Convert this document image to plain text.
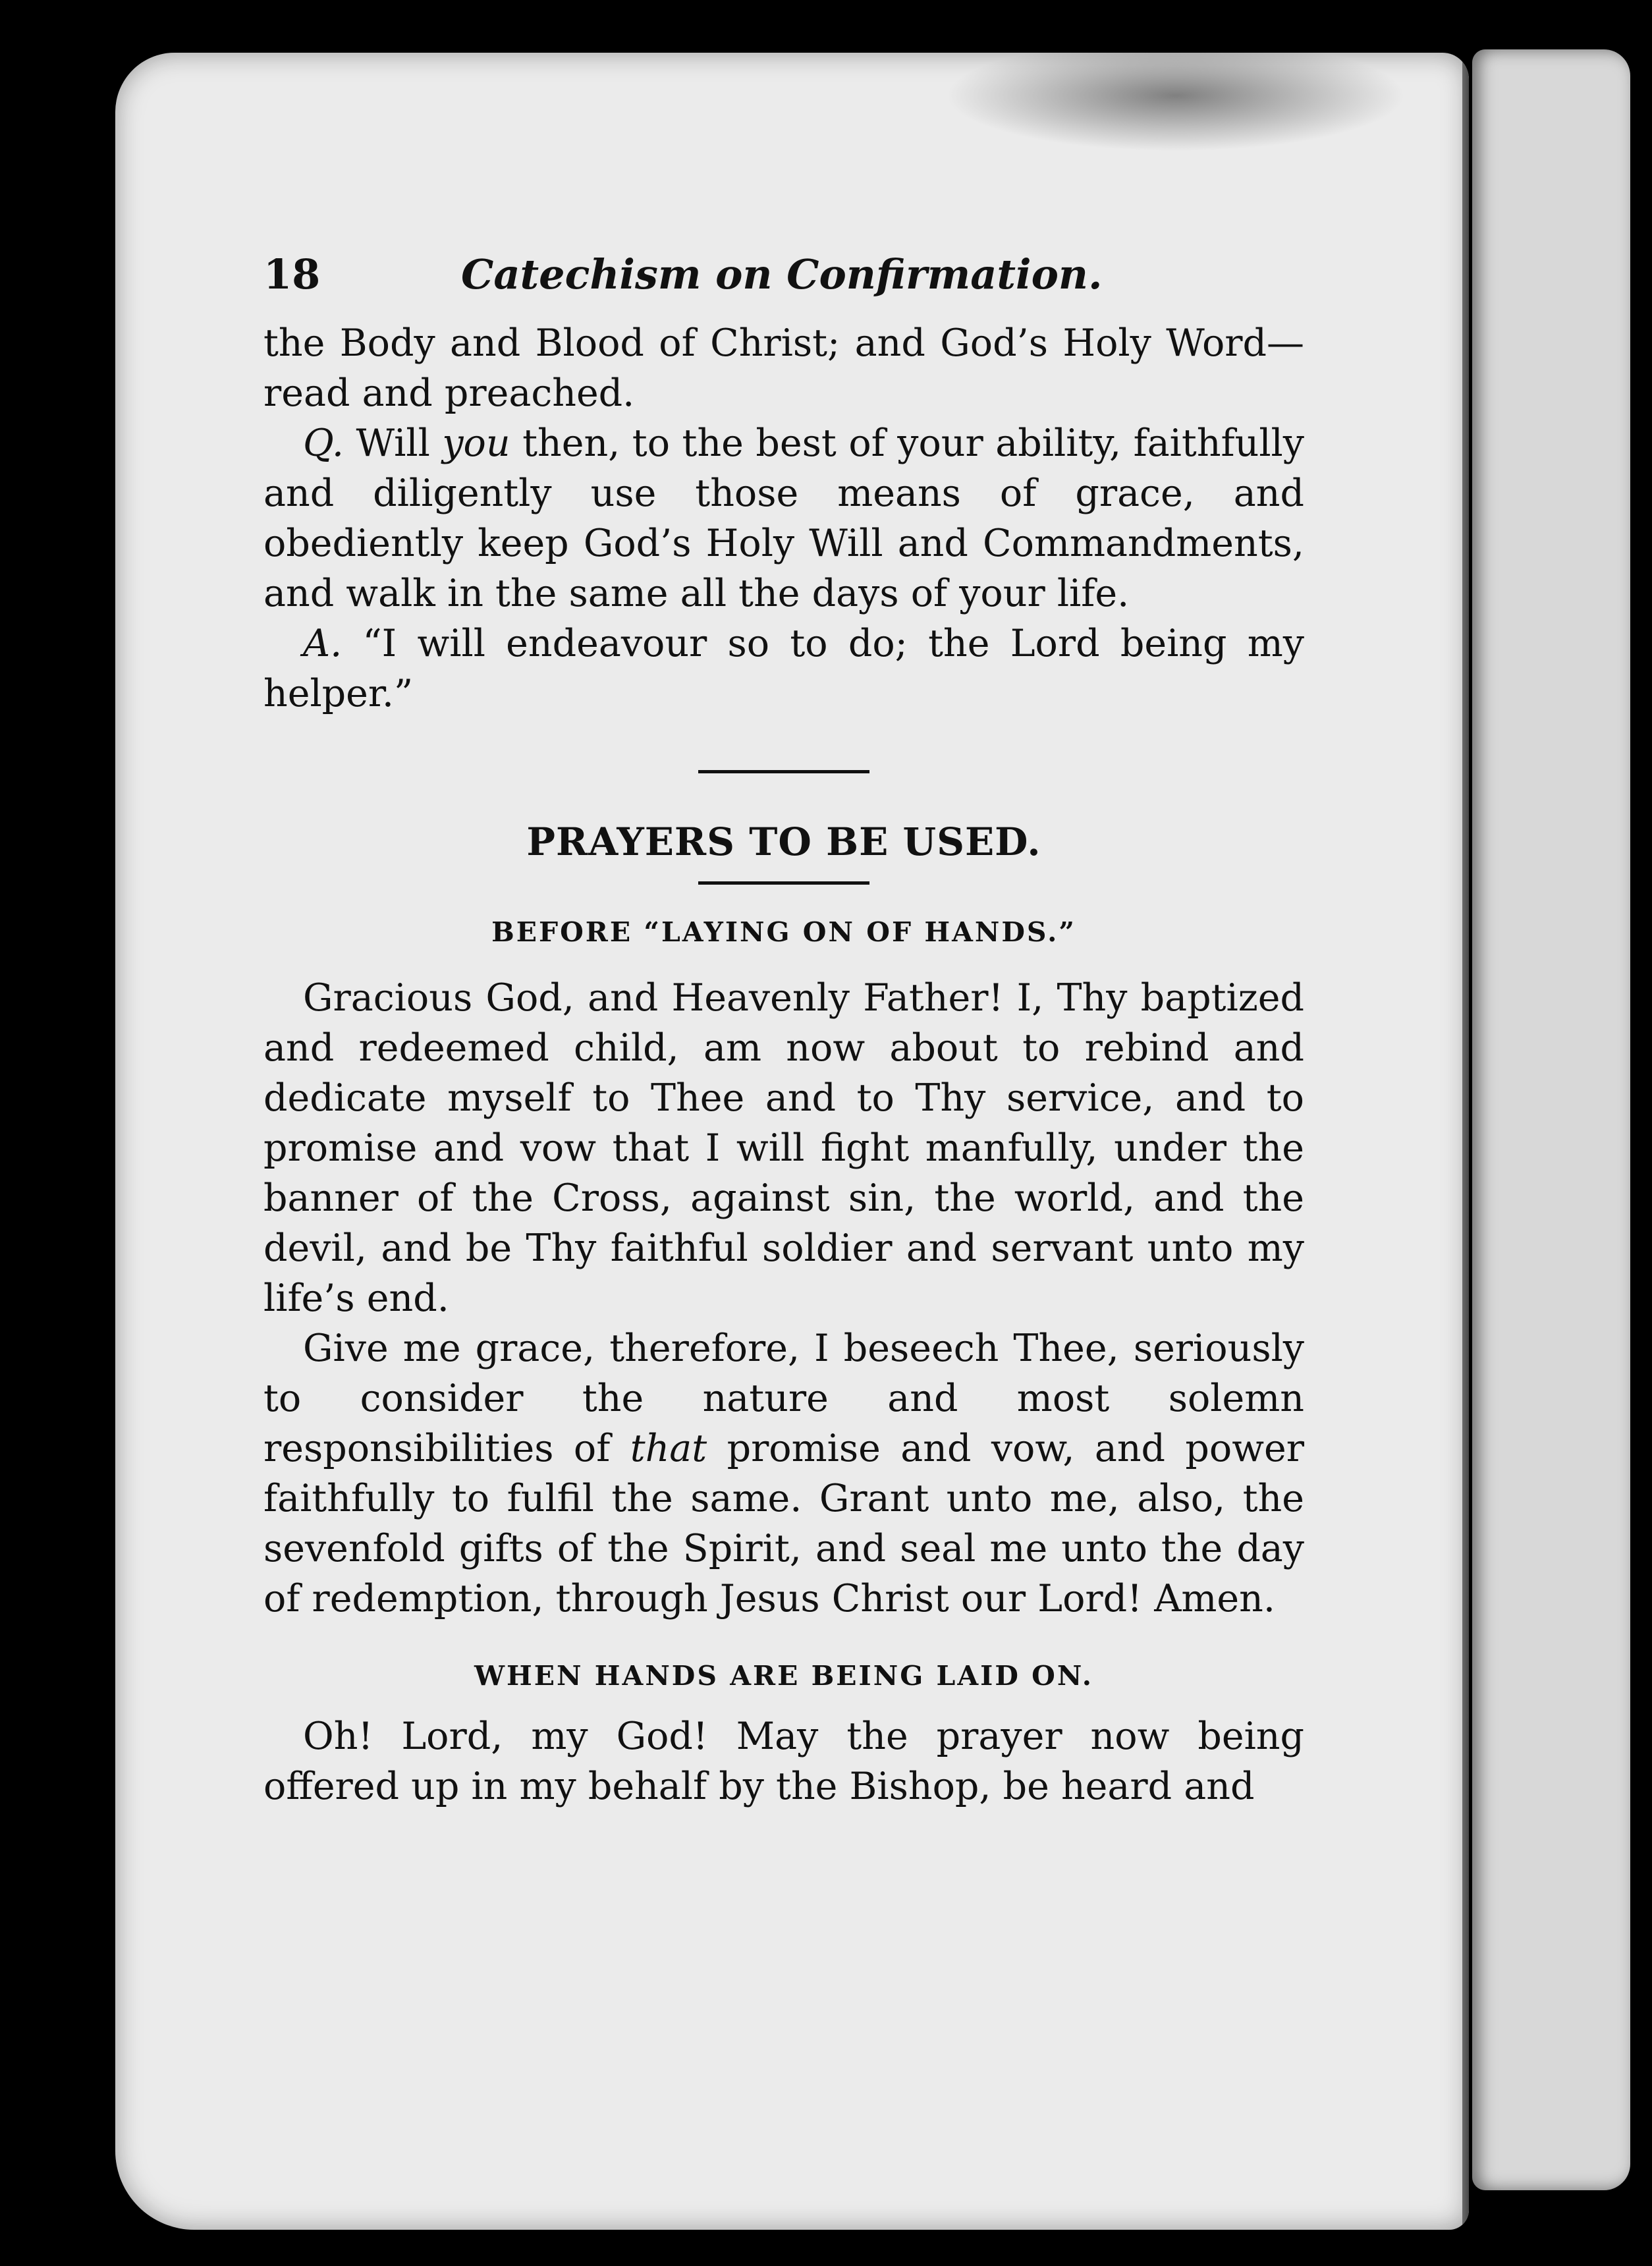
18	Catechism on Confirmation.

the Body and Blood of Christ; and God’s Holy Word—read and preached.

Q. Will you then, to the best of your ability, faithfully and diligently use those means of grace, and obediently keep God’s Holy Will and Commandments, and walk in the same all the days of your life.

A. “I will endeavour so to do; the Lord being my helper.”

PRAYERS TO BE USED.
BEFORE “LAYING ON OF HANDS.”

Gracious God, and Heavenly Father! I, Thy baptized and redeemed child, am now about to rebind and dedicate myself to Thee and to Thy service, and to promise and vow that I will fight manfully, under the banner of the Cross, against sin, the world, and the devil, and be Thy faithful soldier and servant unto my life’s end.

Give me grace, therefore, I beseech Thee, seriously to consider the nature and most solemn responsibilities of that promise and vow, and power faithfully to fulfil the same. Grant unto me, also, the sevenfold gifts of the Spirit, and seal me unto the day of redemption, through Jesus Christ our Lord! Amen.

WHEN HANDS ARE BEING LAID ON.

Oh! Lord, my God! May the prayer now being offered up in my behalf by the Bishop, be heard and
